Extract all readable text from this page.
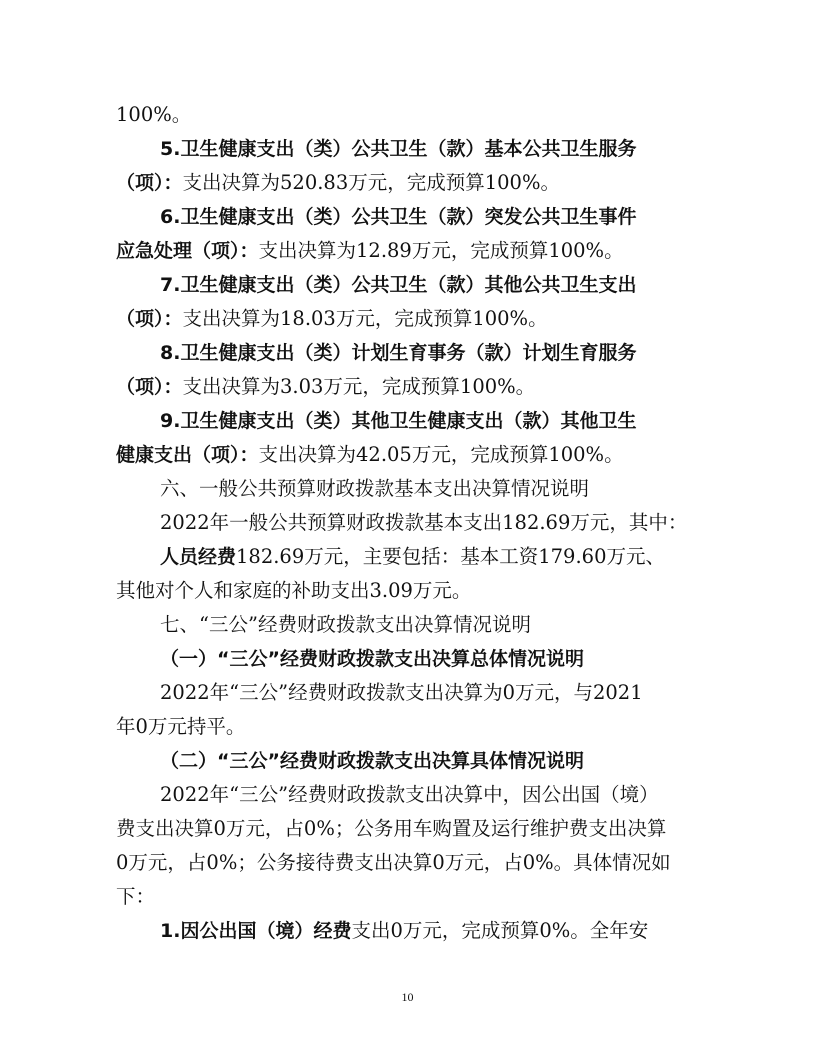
100%。
5.卫生健康支出（类）公共卫生（款）基本公共卫生服务
（项）：支出决算为520.83万元，完成预算100%。
6.卫生健康支出（类）公共卫生（款）突发公共卫生事件
应急处理（项）：支出决算为12.89万元，完成预算100%。
7.卫生健康支出（类）公共卫生（款）其他公共卫生支出
（项）：支出决算为18.03万元，完成预算100%。
8.卫生健康支出（类）计划生育事务（款）计划生育服务
（项）：支出决算为3.03万元，完成预算100%。
9.卫生健康支出（类）其他卫生健康支出（款）其他卫生
健康支出（项）：支出决算为42.05万元，完成预算100%。
六、一般公共预算财政拨款基本支出决算情况说明
2022年一般公共预算财政拨款基本支出182.69万元，其中：
人员经费182.69万元，主要包括：基本工资179.60万元、
其他对个人和家庭的补助支出3.09万元。
七、“三公”经费财政拨款支出决算情况说明
（一）“三公”经费财政拨款支出决算总体情况说明
2022年“三公”经费财政拨款支出决算为0万元，与2021
年0万元持平。
（二）“三公”经费财政拨款支出决算具体情况说明
2022年“三公”经费财政拨款支出决算中，因公出国（境）
费支出决算0万元，占0%；公务用车购置及运行维护费支出决算
0万元，占0%；公务接待费支出决算0万元，占0%。具体情况如
下：
1.因公出国（境）经费支出0万元，完成预算0%。全年安
10
